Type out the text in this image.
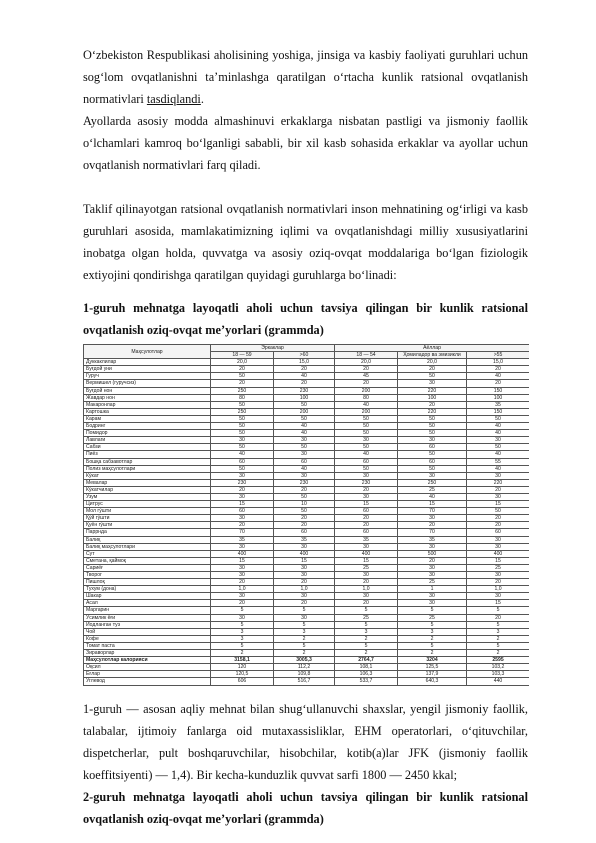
O‘zbekiston Respublikasi aholisining yoshiga, jinsiga va kasbiy faoliyati guruhlari uchun sog‘lom ovqatlanishni ta’minlashga qaratilgan o‘rtacha kunlik ratsional ovqatlanish normativlari tasdiqlandi.

Ayollarda asosiy modda almashinuvi erkaklarga nisbatan pastligi va jismoniy faollik o‘lchamlari kamroq bo‘lganligi sababli, bir xil kasb sohasida erkaklar va ayollar uchun ovqatlanish normativlari farq qiladi.

Taklif qilinayotgan ratsional ovqatlanish normativlari inson mehnatining og‘irligi va kasb guruhlari asosida, mamlakatimizning iqlimi va ovqatlanishdagi milliy xususiyatlarini inobatga olgan holda, quvvatga va asosiy oziq-ovqat moddalariga bo‘lgan fiziologik extiyojini qondirishga qaratilgan quyidagi guruhlarga bo‘linadi:

1-guruh mehnatga layoqatli aholi uchun tavsiya qilingan bir kunlik ratsional ovqatlanish oziq-ovqat me’yorlari (grammda)

Маҳсулотлар	Эркаклар		Аёллар		
	18 — 59	>60	18 — 54	Ҳомиладор ва эмизикли	>55
Дуккаклилар	20,0	15,0	20,0	20,0	15,0
Буғдой уни	20	20	20	20	20
Гуруч	50	40	45	50	40
Вермишел (гуручсиз)	20	20	20	30	20
Буғдой нон	250	230	200	220	150
Жавдар нон	80	100	80	100	100
Макаронлар	50	50	40	20	35
Картошка	250	200	200	220	150
Карам	50	50	50	50	50
Бодринг	50	40	50	50	40
Помидор	50	40	50	50	40
Лавлаги	30	30	30	30	30
Сабзи	50	50	50	60	50
Пиёз	40	30	40	50	40
Бошқа сабзавотлар	60	60	60	60	55
Полиз маҳсулотлари	50	40	50	50	40
Кўкат	30	30	30	30	30
Мевалар	230	230	230	250	220
Кўкатчилар	20	20	20	25	20
Узум	30	50	30	40	30
Цитрус	15	10	15	15	15
Мол гўшти	60	50	60	70	50
Қўй гўшти	30	20	20	30	20
Қуён гўшти	20	20	20	20	20
Паррнда	70	60	60	70	60
Балиқ	35	35	35	35	30
Балиқ маҳсулотлари	30	30	30	30	30
Сут	400	400	400	500	400
Сметана, қаймоқ	15	15	15	20	15
Сариёғ	30	30	25	30	25
Творог	30	30	30	30	30
Пишлоқ	20	20	20	25	20
Тухум (дона)	1,0	1,0	1,0	1	1,0
Шакар	30	30	30	30	30
Асал	20	20	20	30	15
Маргарин	5	5	5	5	5
Ўсимлик ёғи	30	30	25	25	20
Йодланган туз	5	5	5	5	5
Чой	3	3	3	3	3
Кофе	3	2	2	2	2
Томат паста	5	5	5	5	5
Зираворлар	2	2	2	2	2
Маҳсулотлар калорияси	3158,1	3005,3	2764,7	3204	2595
Оқсил	120	112,2	108,1	125,5	103,2
Ёғлар	120,5	109,8	106,3	137,9	103,3
Углевод	606	516,7	533,7	640,3	440

1-guruh — asosan aqliy mehnat bilan shug‘ullanuvchi shaxslar, yengil jismoniy faollik, talabalar, ijtimoiy fanlarga oid mutaxassisliklar, EHM operatorlari, o‘qituvchilar, dispetcherlar, pult boshqaruvchilar, hisobchilar, kotib(a)lar JFK (jismoniy faollik koeffitsiyenti) — 1,4). Bir kecha-kunduzlik quvvat sarfi 1800 — 2450 kkal;

2-guruh mehnatga layoqatli aholi uchun tavsiya qilingan bir kunlik ratsional ovqatlanish oziq-ovqat me’yorlari (grammda)
